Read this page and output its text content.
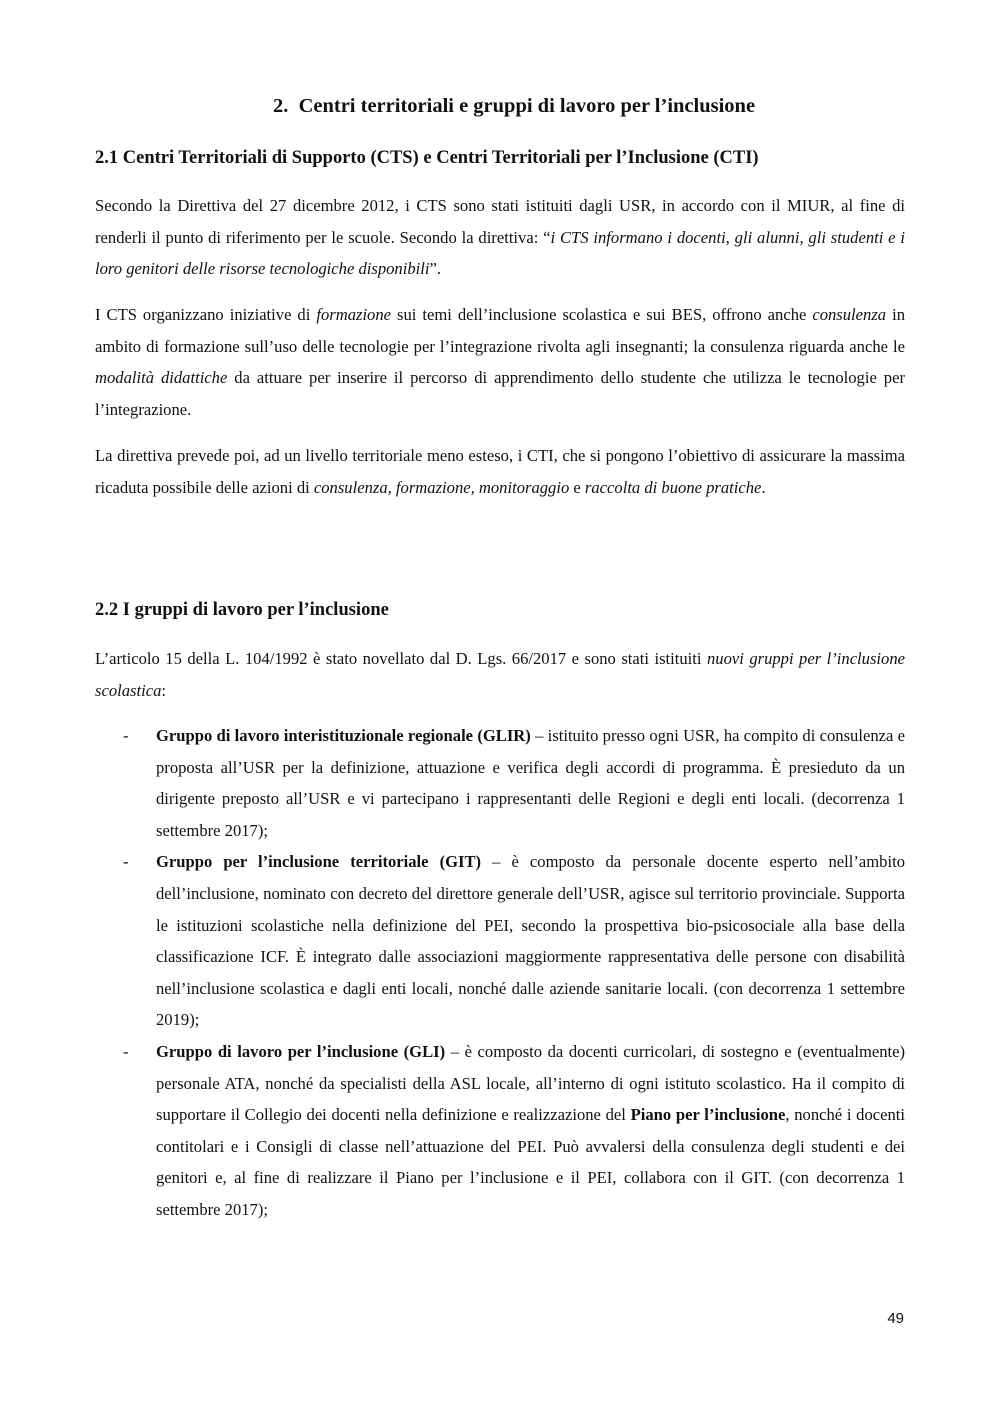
2.  Centri territoriali e gruppi di lavoro per l’inclusione
2.1 Centri Territoriali di Supporto (CTS) e Centri Territoriali per l’Inclusione (CTI)

Secondo la Direttiva del 27 dicembre 2012, i CTS sono stati istituiti dagli USR, in accordo con il MIUR, al fine di renderli il punto di riferimento per le scuole. Secondo la direttiva: “i CTS informano i docenti, gli alunni, gli studenti e i loro genitori delle risorse tecnologiche disponibili”.

I CTS organizzano iniziative di formazione sui temi dell’inclusione scolastica e sui BES, offrono anche consulenza in ambito di formazione sull’uso delle tecnologie per l’integrazione rivolta agli insegnanti; la consulenza riguarda anche le modalità didattiche da attuare per inserire il percorso di apprendimento dello studente che utilizza le tecnologie per l’integrazione.

La direttiva prevede poi, ad un livello territoriale meno esteso, i CTI, che si pongono l’obiettivo di assicurare la massima ricaduta possibile delle azioni di consulenza, formazione, monitoraggio e raccolta di buone pratiche.

2.2 I gruppi di lavoro per l’inclusione

L’articolo 15 della L. 104/1992 è stato novellato dal D. Lgs. 66/2017 e sono stati istituiti nuovi gruppi per l’inclusione scolastica:

- Gruppo di lavoro interistituzionale regionale (GLIR) – istituito presso ogni USR, ha compito di consulenza e proposta all’USR per la definizione, attuazione e verifica degli accordi di programma. È presieduto da un dirigente preposto all’USR e vi partecipano i rappresentanti delle Regioni e degli enti locali. (decorrenza 1 settembre 2017);
- Gruppo per l’inclusione territoriale (GIT) – è composto da personale docente esperto nell’ambito dell’inclusione, nominato con decreto del direttore generale dell’USR, agisce sul territorio provinciale. Supporta le istituzioni scolastiche nella definizione del PEI, secondo la prospettiva bio-psicosociale alla base della classificazione ICF. È integrato dalle associazioni maggiormente rappresentativa delle persone con disabilità nell’inclusione scolastica e dagli enti locali, nonché dalle aziende sanitarie locali. (con decorrenza 1 settembre 2019);
- Gruppo di lavoro per l’inclusione (GLI) – è composto da docenti curricolari, di sostegno e (eventualmente) personale ATA, nonché da specialisti della ASL locale, all’interno di ogni istituto scolastico. Ha il compito di supportare il Collegio dei docenti nella definizione e realizzazione del Piano per l’inclusione, nonché i docenti contitolari e i Consigli di classe nell’attuazione del PEI. Può avvalersi della consulenza degli studenti e dei genitori e, al fine di realizzare il Piano per l’inclusione e il PEI, collabora con il GIT. (con decorrenza 1 settembre 2017);
49
